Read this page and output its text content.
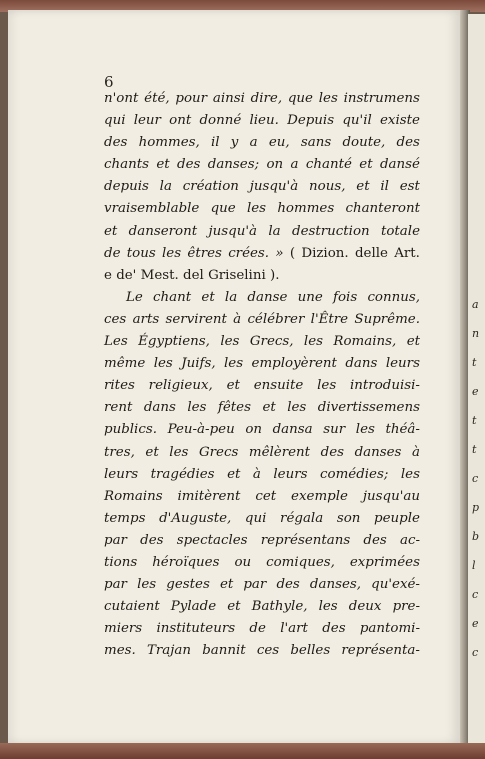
a
n
t
e
t
t
c
p
b
l
c
e
c
6
n'ont été, pour ainsi dire, que les instrumens
qui leur ont donné lieu. Depuis qu'il existe
des hommes, il y a eu, sans doute, des
chants et des danses; on a chanté et dansé
depuis la création jusqu'à nous, et il est
vraisemblable que les hommes chanteront
et danseront jusqu'à la destruction totale
de tous les êtres crées. » ( Dizion. delle Art.
e de' Mest. del Griselini ).
Le chant et la danse une fois connus,
ces arts servirent à célébrer l'Être Suprême.
Les Égyptiens, les Grecs, les Romains, et
même les Juifs, les employèrent dans leurs
rites religieux, et ensuite les introduisi-
rent dans les fêtes et les divertissemens
publics. Peu-à-peu on dansa sur les théâ-
tres, et les Grecs mêlèrent des danses à
leurs tragédies et à leurs comédies; les
Romains imitèrent cet exemple jusqu'au
temps d'Auguste, qui régala son peuple
par des spectacles représentans des ac-
tions héroïques ou comiques, exprimées
par les gestes et par des danses, qu'exé-
cutaient Pylade et Bathyle, les deux pre-
miers instituteurs de l'art des pantomi-
mes. Trajan bannit ces belles représenta-
